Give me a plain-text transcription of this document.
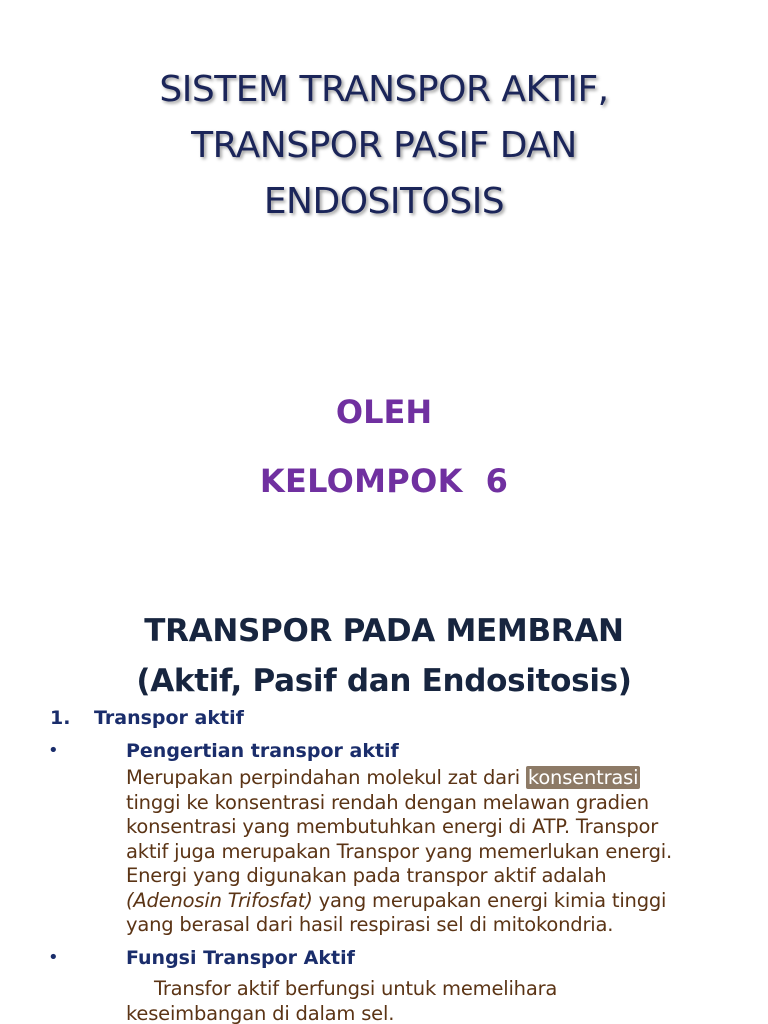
SISTEM TRANSPOR AKTIF,
TRANSPOR PASIF DAN
ENDOSITOSIS
OLEH
KELOMPOK 6
TRANSPOR PADA MEMBRAN
(Aktif, Pasif dan Endositosis)
1. Transpor aktif
•	Pengertian transpor aktif
Merupakan perpindahan molekul zat dari konsentrasi
tinggi ke konsentrasi rendah dengan melawan gradien
konsentrasi yang membutuhkan energi di ATP. Transpor
aktif juga merupakan Transpor yang memerlukan energi.
Energi yang digunakan pada transpor aktif adalah
(Adenosin Trifosfat) yang merupakan energi kimia tinggi
yang berasal dari hasil respirasi sel di mitokondria.
•	Fungsi Transpor Aktif
Transfor aktif berfungsi untuk memelihara
keseimbangan di dalam sel.
